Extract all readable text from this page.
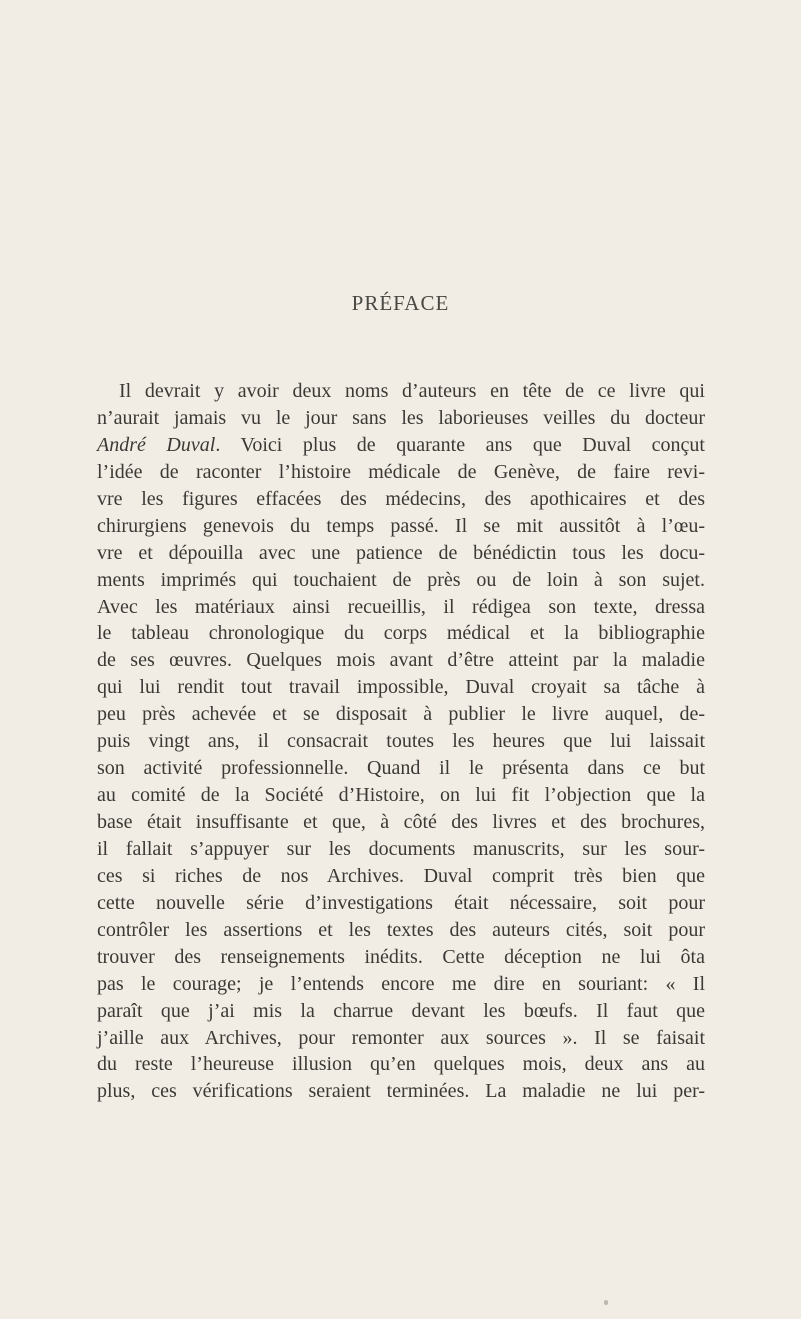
PRÉFACE
Il devrait y avoir deux noms d’auteurs en tête de ce livre qui
n’aurait jamais vu le jour sans les laborieuses veilles du docteur
André Duval. Voici plus de quarante ans que Duval conçut
l’idée de raconter l’histoire médicale de Genève, de faire revi-
vre les figures effacées des médecins, des apothicaires et des
chirurgiens genevois du temps passé. Il se mit aussitôt à l’œu-
vre et dépouilla avec une patience de bénédictin tous les docu-
ments imprimés qui touchaient de près ou de loin à son sujet.
Avec les matériaux ainsi recueillis, il rédigea son texte, dressa
le tableau chronologique du corps médical et la bibliographie
de ses œuvres. Quelques mois avant d’être atteint par la maladie
qui lui rendit tout travail impossible, Duval croyait sa tâche à
peu près achevée et se disposait à publier le livre auquel, de-
puis vingt ans, il consacrait toutes les heures que lui laissait
son activité professionnelle. Quand il le présenta dans ce but
au comité de la Société d’Histoire, on lui fit l’objection que la
base était insuffisante et que, à côté des livres et des brochures,
il fallait s’appuyer sur les documents manuscrits, sur les sour-
ces si riches de nos Archives. Duval comprit très bien que
cette nouvelle série d’investigations était nécessaire, soit pour
contrôler les assertions et les textes des auteurs cités, soit pour
trouver des renseignements inédits. Cette déception ne lui ôta
pas le courage; je l’entends encore me dire en souriant: « Il
paraît que j’ai mis la charrue devant les bœufs. Il faut que
j’aille aux Archives, pour remonter aux sources ». Il se faisait
du reste l’heureuse illusion qu’en quelques mois, deux ans au
plus, ces vérifications seraient terminées. La maladie ne lui per-
